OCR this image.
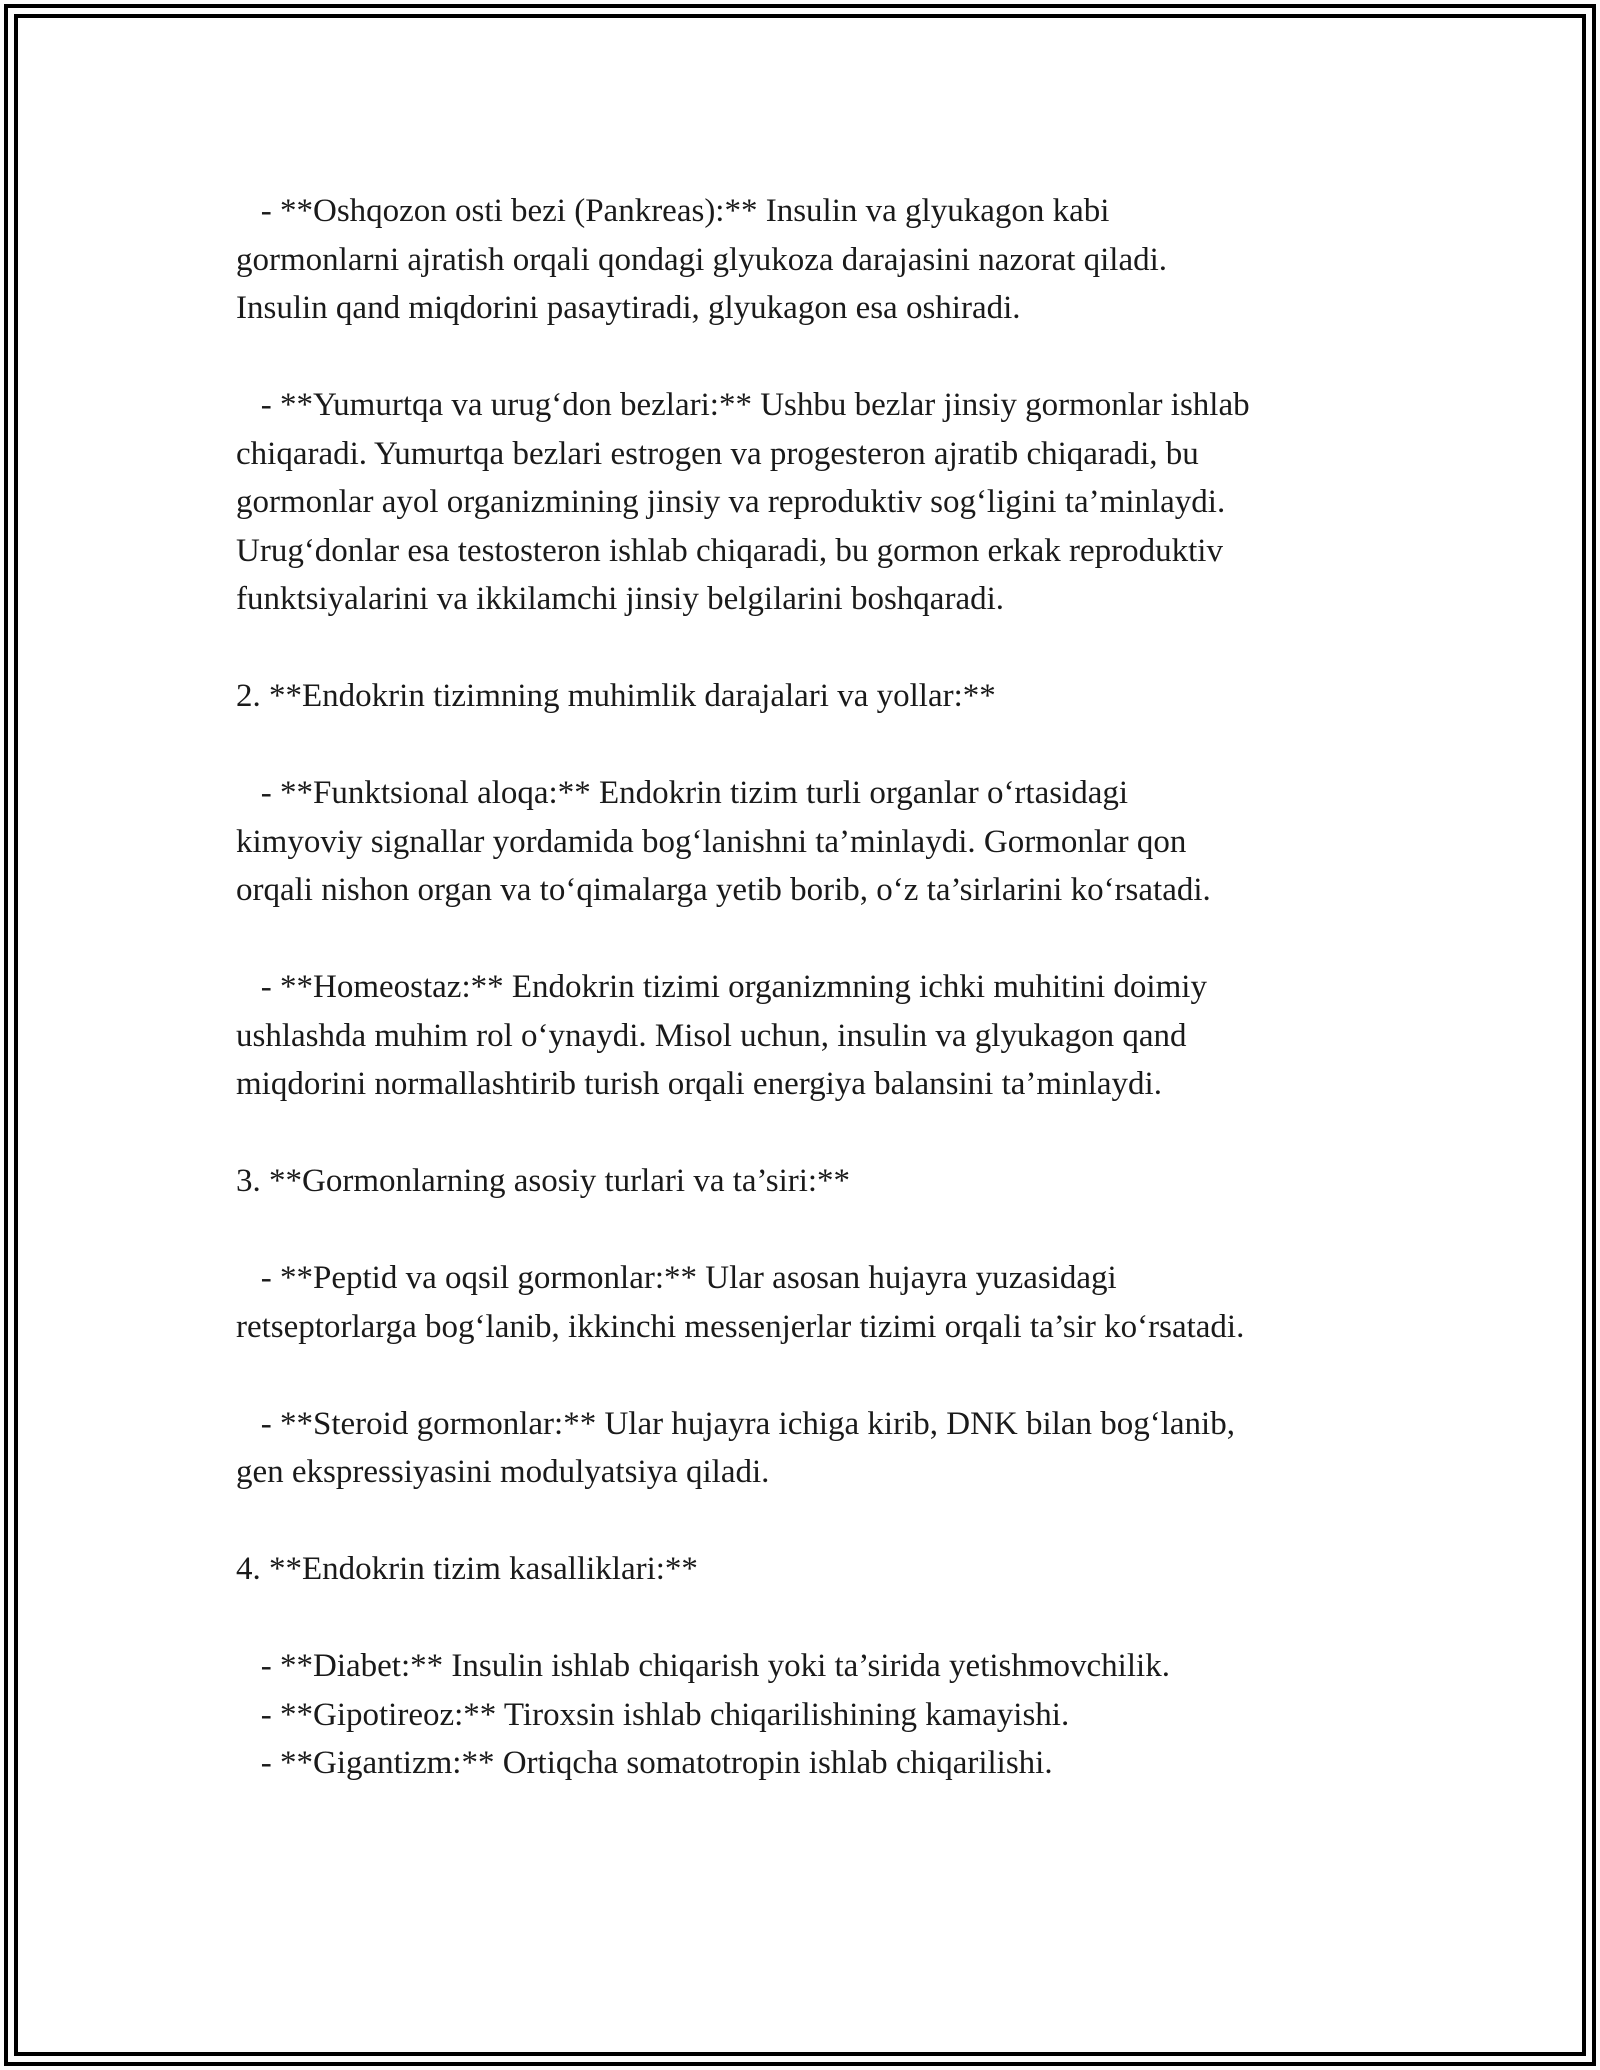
- **Oshqozon osti bezi (Pankreas):** Insulin va glyukagon kabi
gormonlarni ajratish orqali qondagi glyukoza darajasini nazorat qiladi.
Insulin qand miqdorini pasaytiradi, glyukagon esa oshiradi.
- **Yumurtqa va urug‘don bezlari:** Ushbu bezlar jinsiy gormonlar ishlab
chiqaradi. Yumurtqa bezlari estrogen va progesteron ajratib chiqaradi, bu
gormonlar ayol organizmining jinsiy va reproduktiv sog‘ligini ta’minlaydi.
Urug‘donlar esa testosteron ishlab chiqaradi, bu gormon erkak reproduktiv
funktsiyalarini va ikkilamchi jinsiy belgilarini boshqaradi.
2. **Endokrin tizimning muhimlik darajalari va yollar:**
- **Funktsional aloqa:** Endokrin tizim turli organlar o‘rtasidagi
kimyoviy signallar yordamida bog‘lanishni ta’minlaydi. Gormonlar qon
orqali nishon organ va to‘qimalarga yetib borib, o‘z ta’sirlarini ko‘rsatadi.
- **Homeostaz:** Endokrin tizimi organizmning ichki muhitini doimiy
ushlashda muhim rol o‘ynaydi. Misol uchun, insulin va glyukagon qand
miqdorini normallashtirib turish orqali energiya balansini ta’minlaydi.
3. **Gormonlarning asosiy turlari va ta’siri:**
- **Peptid va oqsil gormonlar:** Ular asosan hujayra yuzasidagi
retseptorlarga bog‘lanib, ikkinchi messenjerlar tizimi orqali ta’sir ko‘rsatadi.
- **Steroid gormonlar:** Ular hujayra ichiga kirib, DNK bilan bog‘lanib,
gen ekspressiyasini modulyatsiya qiladi.
4. **Endokrin tizim kasalliklari:**
- **Diabet:** Insulin ishlab chiqarish yoki ta’sirida yetishmovchilik.
- **Gipotireoz:** Tiroxsin ishlab chiqarilishining kamayishi.
- **Gigantizm:** Ortiqcha somatotropin ishlab chiqarilishi.
